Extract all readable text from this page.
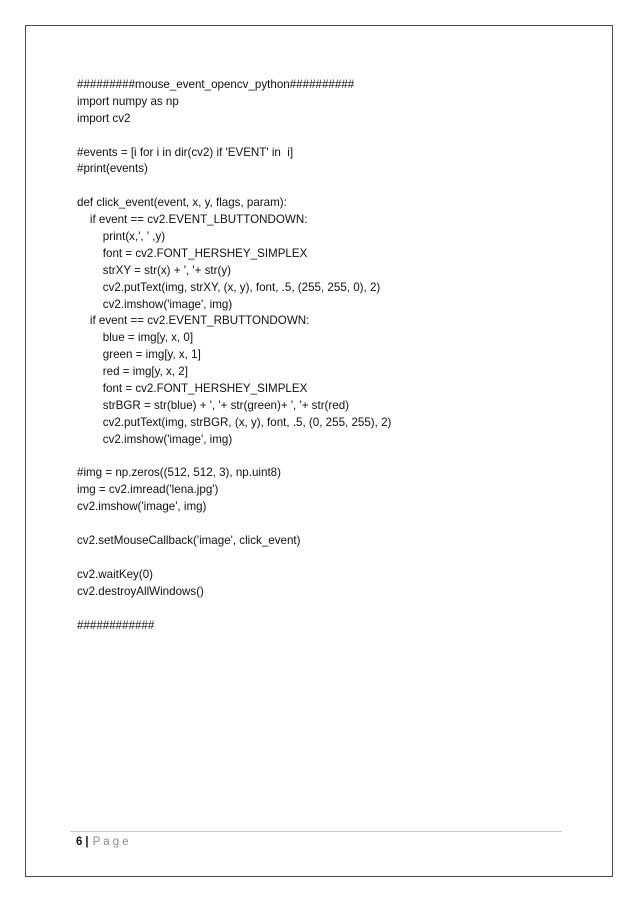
#########mouse_event_opencv_python##########
import numpy as np
import cv2
#events = [i for i in dir(cv2) if 'EVENT' in  i]
#print(events)
def click_event(event, x, y, flags, param):
if event == cv2.EVENT_LBUTTONDOWN:
print(x,', ' ,y)
font = cv2.FONT_HERSHEY_SIMPLEX
strXY = str(x) + ', '+ str(y)
cv2.putText(img, strXY, (x, y), font, .5, (255, 255, 0), 2)
cv2.imshow('image', img)
if event == cv2.EVENT_RBUTTONDOWN:
blue = img[y, x, 0]
green = img[y, x, 1]
red = img[y, x, 2]
font = cv2.FONT_HERSHEY_SIMPLEX
strBGR = str(blue) + ', '+ str(green)+ ', '+ str(red)
cv2.putText(img, strBGR, (x, y), font, .5, (0, 255, 255), 2)
cv2.imshow('image', img)
#img = np.zeros((512, 512, 3), np.uint8)
img = cv2.imread('lena.jpg')
cv2.imshow('image', img)
cv2.setMouseCallback('image', click_event)
cv2.waitKey(0)
cv2.destroyAllWindows()
############
6 | Page
